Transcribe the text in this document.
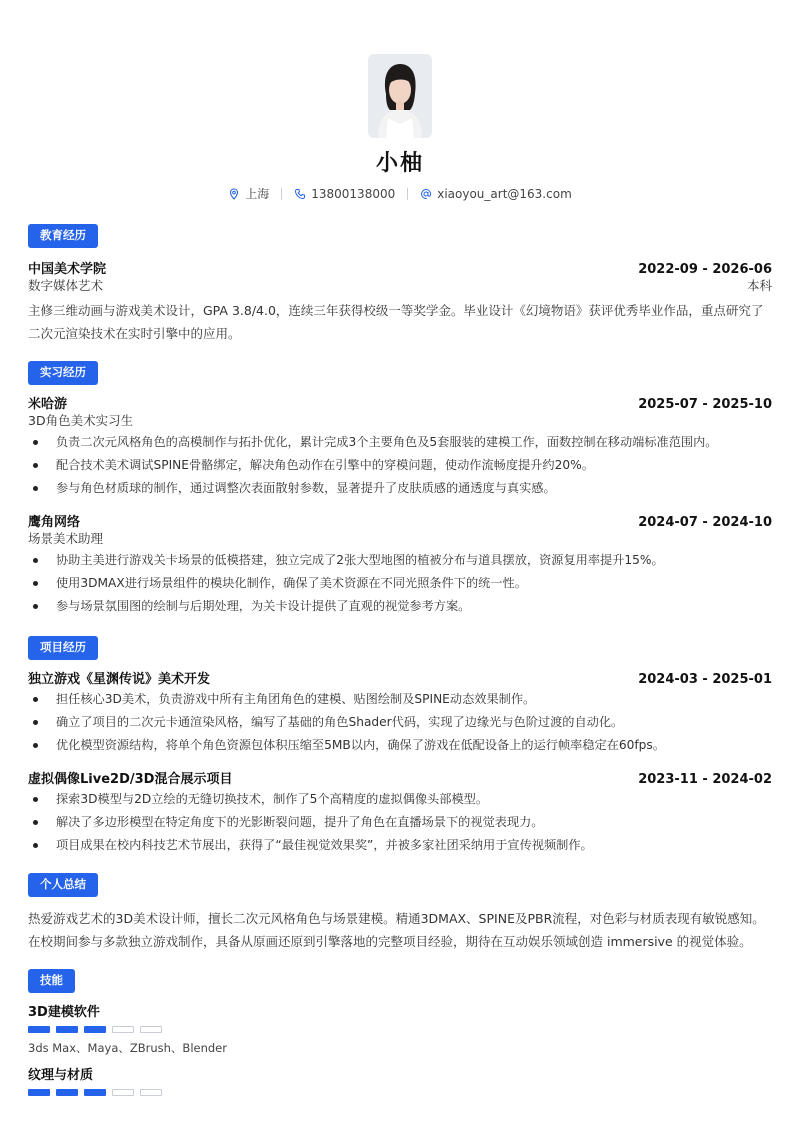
小柚
上海	13800138000	xiaoyou_art@163.com
教育经历
中国美术学院	2022-09 - 2026-06
数字媒体艺术	本科
主修三维动画与游戏美术设计，GPA 3.8/4.0，连续三年获得校级一等奖学金。毕业设计《幻境物语》获评优秀毕业作品，重点研究了二次元渲染技术在实时引擎中的应用。
实习经历
米哈游	2025-07 - 2025-10
3D角色美术实习生
负责二次元风格角色的高模制作与拓扑优化，累计完成3个主要角色及5套服装的建模工作，面数控制在移动端标准范围内。
配合技术美术调试SPINE骨骼绑定，解决角色动作在引擎中的穿模问题，使动作流畅度提升约20%。
参与角色材质球的制作，通过调整次表面散射参数，显著提升了皮肤质感的通透度与真实感。
鹰角网络	2024-07 - 2024-10
场景美术助理
协助主美进行游戏关卡场景的低模搭建，独立完成了2张大型地图的植被分布与道具摆放，资源复用率提升15%。
使用3DMAX进行场景组件的模块化制作，确保了美术资源在不同光照条件下的统一性。
参与场景氛围图的绘制与后期处理，为关卡设计提供了直观的视觉参考方案。
项目经历
独立游戏《星渊传说》美术开发	2024-03 - 2025-01
担任核心3D美术，负责游戏中所有主角团角色的建模、贴图绘制及SPINE动态效果制作。
确立了项目的二次元卡通渲染风格，编写了基础的角色Shader代码，实现了边缘光与色阶过渡的自动化。
优化模型资源结构，将单个角色资源包体积压缩至5MB以内，确保了游戏在低配设备上的运行帧率稳定在60fps。
虚拟偶像Live2D/3D混合展示项目	2023-11 - 2024-02
探索3D模型与2D立绘的无缝切换技术，制作了5个高精度的虚拟偶像头部模型。
解决了多边形模型在特定角度下的光影断裂问题，提升了角色在直播场景下的视觉表现力。
项目成果在校内科技艺术节展出，获得了“最佳视觉效果奖”，并被多家社团采纳用于宣传视频制作。
个人总结
热爱游戏艺术的3D美术设计师，擅长二次元风格角色与场景建模。精通3DMAX、SPINE及PBR流程，对色彩与材质表现有敏锐感知。在校期间参与多款独立游戏制作，具备从原画还原到引擎落地的完整项目经验，期待在互动娱乐领域创造 immersive 的视觉体验。
技能
3D建模软件
3ds Max、Maya、ZBrush、Blender
纹理与材质
